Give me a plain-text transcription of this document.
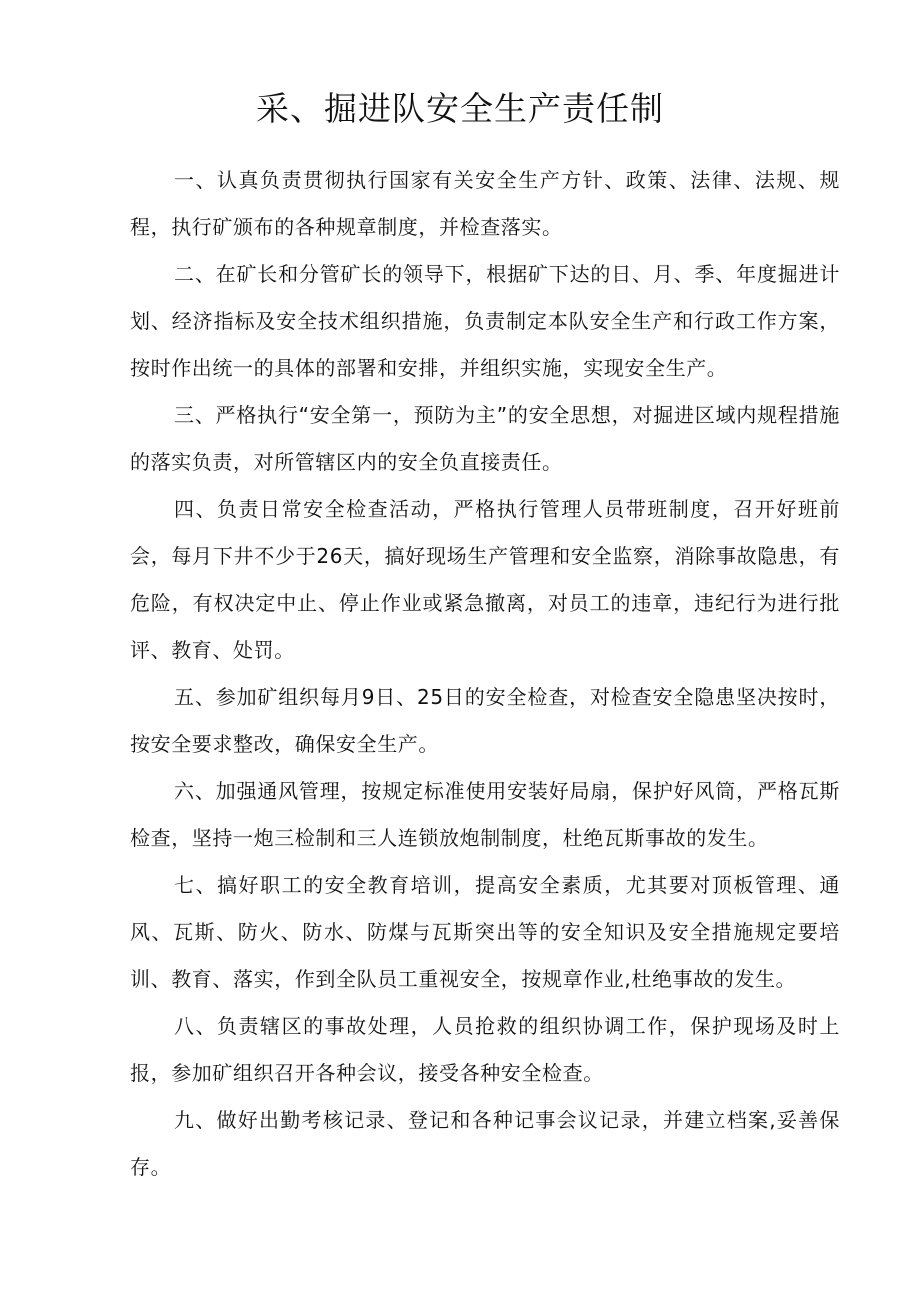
采、掘进队安全生产责任制

一、认真负责贯彻执行国家有关安全生产方针、政策、法律、法规、规程，执行矿颁布的各种规章制度，并检查落实。

二、在矿长和分管矿长的领导下，根据矿下达的日、月、季、年度掘进计划、经济指标及安全技术组织措施，负责制定本队安全生产和行政工作方案，按时作出统一的具体的部署和安排，并组织实施，实现安全生产。

三、严格执行“安全第一，预防为主”的安全思想，对掘进区域内规程措施的落实负责，对所管辖区内的安全负直接责任。

四、负责日常安全检查活动，严格执行管理人员带班制度，召开好班前会，每月下井不少于26天，搞好现场生产管理和安全监察，消除事故隐患，有危险，有权决定中止、停止作业或紧急撤离，对员工的违章，违纪行为进行批评、教育、处罚。

五、参加矿组织每月9日、25日的安全检查，对检查安全隐患坚决按时，按安全要求整改，确保安全生产。

六、加强通风管理，按规定标准使用安装好局扇，保护好风筒，严格瓦斯检查，坚持一炮三检制和三人连锁放炮制制度，杜绝瓦斯事故的发生。

七、搞好职工的安全教育培训，提高安全素质，尤其要对顶板管理、通风、瓦斯、防火、防水、防煤与瓦斯突出等的安全知识及安全措施规定要培训、教育、落实，作到全队员工重视安全，按规章作业,杜绝事故的发生。

八、负责辖区的事故处理，人员抢救的组织协调工作，保护现场及时上报，参加矿组织召开各种会议，接受各种安全检查。

九、做好出勤考核记录、登记和各种记事会议记录，并建立档案,妥善保存。
